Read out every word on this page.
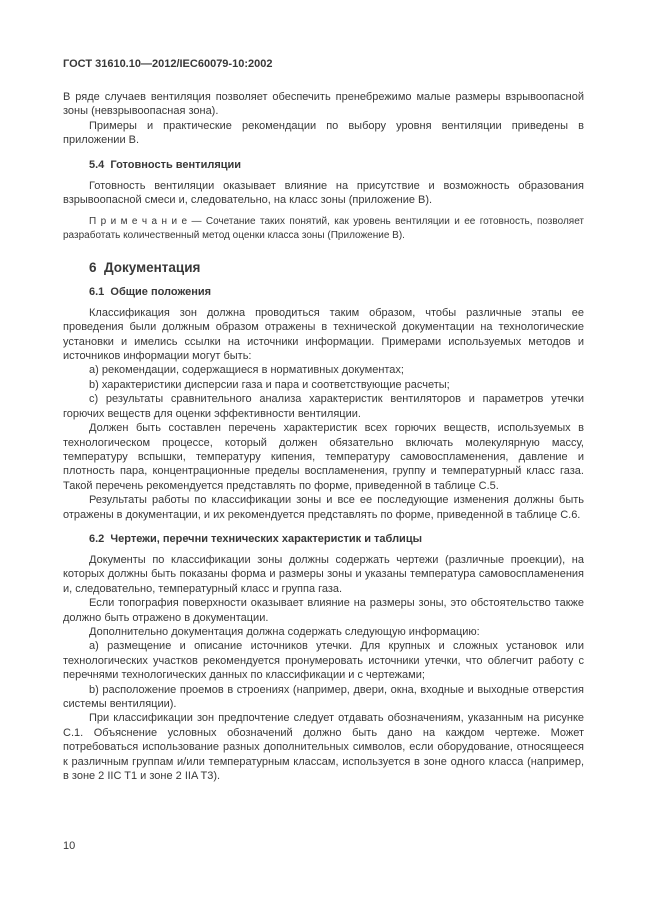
ГОСТ 31610.10—2012/IEC60079-10:2002

В ряде случаев вентиляция позволяет обеспечить пренебрежимо малые размеры взрывоопасной зоны (невзрывоопасная зона).

Примеры и практические рекомендации по выбору уровня вентиляции приведены в приложении В.

5.4  Готовность вентиляции

Готовность вентиляции оказывает влияние на присутствие и возможность образования взрывоопасной смеси и, следовательно, на класс зоны (приложение В).

П р и м е ч а н и е — Сочетание таких понятий, как уровень вентиляции и ее готовность, позволяет разработать количественный метод оценки класса зоны (Приложение В).

6  Документация
6.1  Общие положения

Классификация зон должна проводиться таким образом, чтобы различные этапы ее проведения были должным образом отражены в технической документации на технологические установки и имелись ссылки на источники информации. Примерами используемых методов и источников информации могут быть:

a) рекомендации, содержащиеся в нормативных документах;

b) характеристики дисперсии газа и пара и соответствующие расчеты;

c) результаты сравнительного анализа характеристик вентиляторов и параметров утечки горючих веществ для оценки эффективности вентиляции.

Должен быть составлен перечень характеристик всех горючих веществ, используемых в технологическом процессе, который должен обязательно включать молекулярную массу, температуру вспышки, температуру кипения, температуру самовоспламенения, давление и плотность пара, концентрационные пределы воспламенения, группу и температурный класс газа. Такой перечень рекомендуется представлять по форме, приведенной в таблице С.5.

Результаты работы по классификации зоны и все ее последующие изменения должны быть отражены в документации, и их рекомендуется представлять по форме, приведенной в таблице С.6.

6.2  Чертежи, перечни технических характеристик и таблицы

Документы по классификации зоны должны содержать чертежи (различные проекции), на которых должны быть показаны форма и размеры зоны и указаны температура самовоспламенения и, следовательно, температурный класс и группа газа.

Если топография поверхности оказывает влияние на размеры зоны, это обстоятельство также должно быть отражено в документации.

Дополнительно документация должна содержать следующую информацию:

a) размещение и описание источников утечки. Для крупных и сложных установок или технологических участков рекомендуется пронумеровать источники утечки, что облегчит работу с перечнями технологических данных по классификации и с чертежами;

b) расположение проемов в строениях (например, двери, окна, входные и выходные отверстия системы вентиляции).

При классификации зон предпочтение следует отдавать обозначениям, указанным на рисунке С.1. Объяснение условных обозначений должно быть дано на каждом чертеже. Может потребоваться использование разных дополнительных символов, если оборудование, относящееся к различным группам и/или температурным классам, используется в зоне одного класса (например, в зоне 2 IIC T1 и зоне 2 IIA T3).

10
